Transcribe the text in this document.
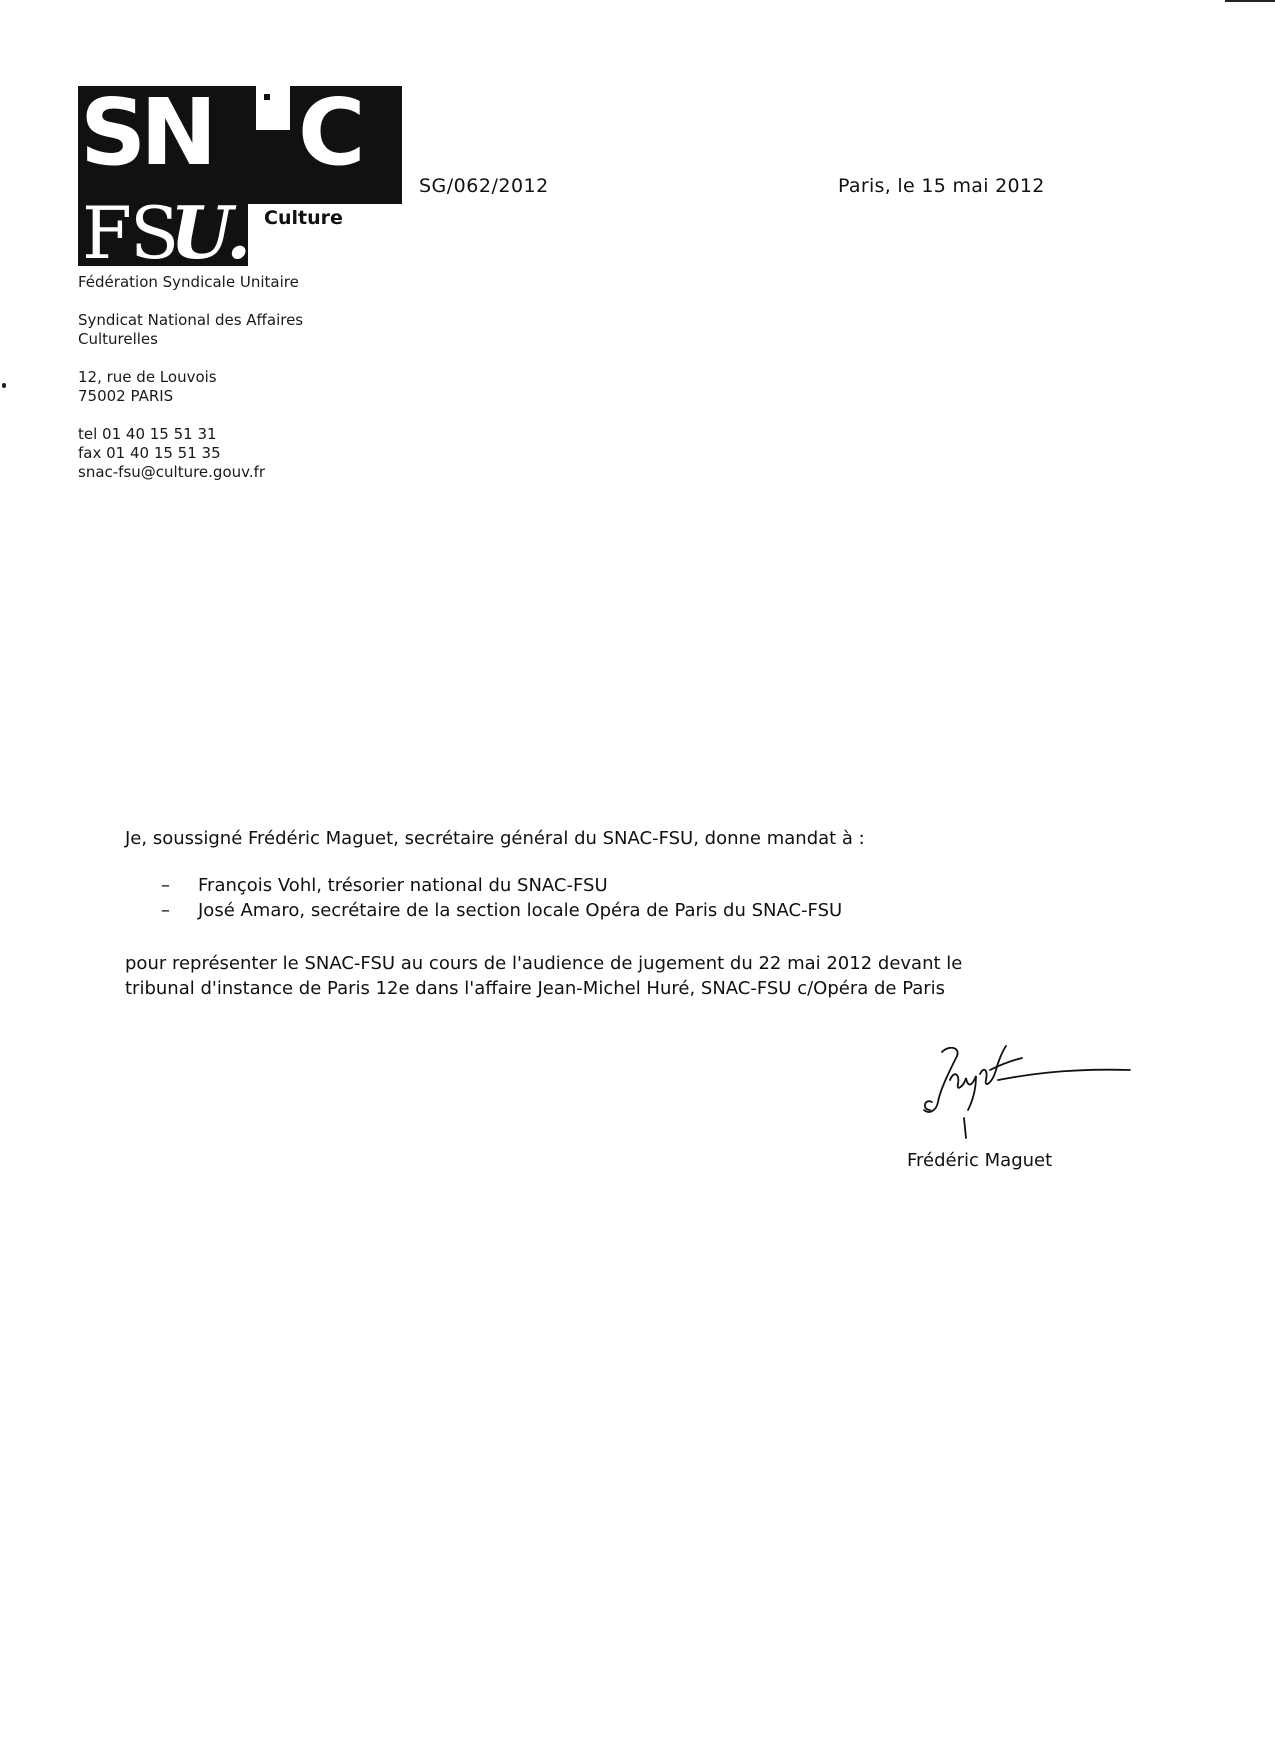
SN C
FS
U. Culture
SG/062/2012	Paris, le 15 mai 2012
Fédération Syndicale Unitaire
Syndicat National des Affaires
Culturelles
12, rue de Louvois
75002 PARIS
tel 01 40 15 51 31
fax 01 40 15 51 35
snac-fsu@culture.gouv.fr

Je, soussigné Frédéric Maguet, secrétaire général du SNAC-FSU, donne mandat à :

– François Vohl, trésorier national du SNAC-FSU
– José Amaro, secrétaire de la section locale Opéra de Paris du SNAC-FSU

pour représenter le SNAC-FSU au cours de l'audience de jugement du 22 mai 2012 devant le

tribunal d'instance de Paris 12e dans l'affaire Jean-Michel Huré, SNAC-FSU c/Opéra de Paris

Frédéric Maguet
